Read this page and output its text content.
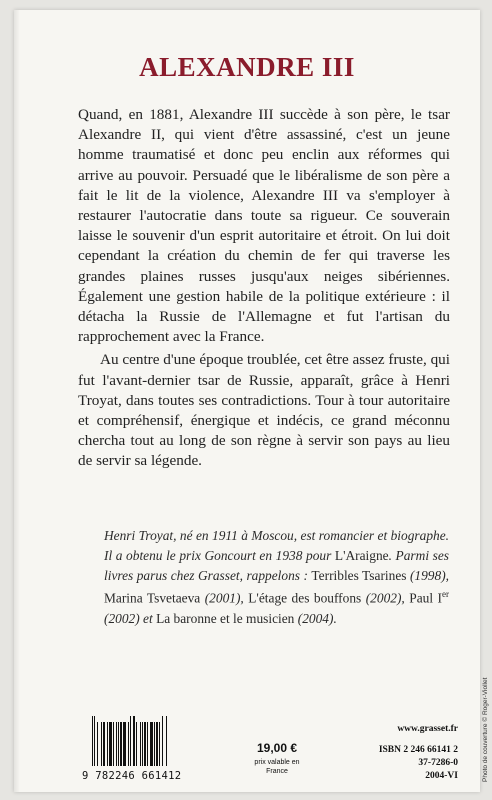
ALEXANDRE III

Quand, en 1881, Alexandre III succède à son père, le tsar Alexandre II, qui vient d'être assassiné, c'est un jeune homme traumatisé et donc peu enclin aux réformes qui arrive au pouvoir. Persuadé que le libéralisme de son père a fait le lit de la violence, Alexandre III va s'employer à restaurer l'autocratie dans toute sa rigueur. Ce souverain laisse le souvenir d'un esprit autoritaire et étroit. On lui doit cependant la création du chemin de fer qui traverse les grandes plaines russes jusqu'aux neiges sibériennes. Également une gestion habile de la politique extérieure : il détacha la Russie de l'Allemagne et fut l'artisan du rapprochement avec la France.

Au centre d'une époque troublée, cet être assez fruste, qui fut l'avant-dernier tsar de Russie, apparaît, grâce à Henri Troyat, dans toutes ses contradictions. Tour à tour autoritaire et compréhensif, énergique et indécis, ce grand méconnu chercha tout au long de son règne à servir son pays au lieu de servir sa légende.

Henri Troyat, né en 1911 à Moscou, est romancier et biographe. Il a obtenu le prix Goncourt en 1938 pour L'Araigne. Parmi ses livres parus chez Grasset, rappelons : Terribles Tsarines (1998), Marina Tsvetaeva (2001), L'étage des bouffons (2002), Paul Ier (2002) et La baronne et le musicien (2004).
9 782246 661412
19,00 €
prix valable en
France
www.grasset.fr
ISBN 2 246 66141 2
37-7286-0
2004-VI	Photo de couverture © Roger-Viollet
